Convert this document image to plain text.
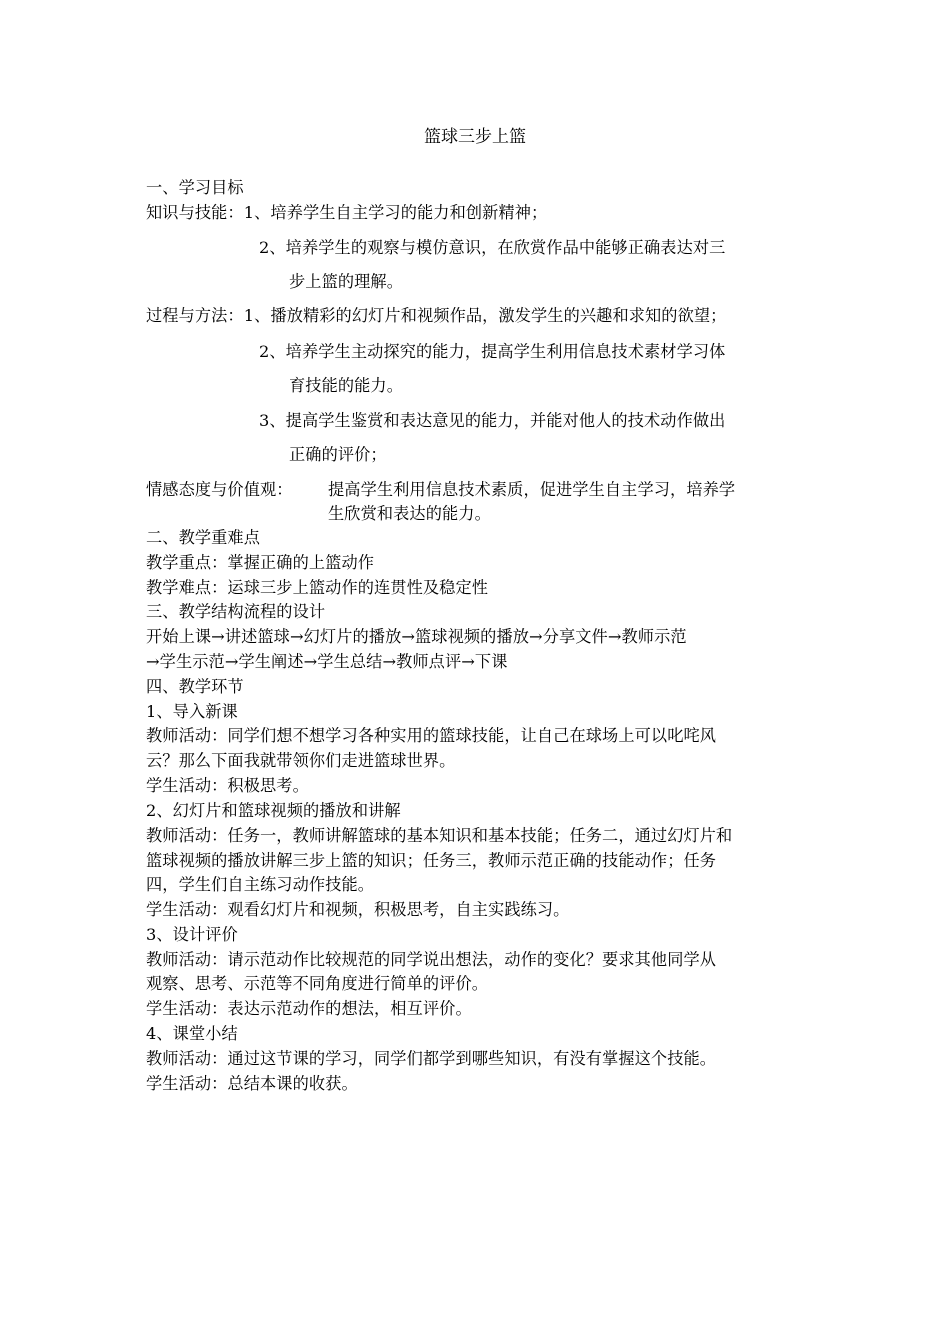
篮球三步上篮
一、学习目标
知识与技能：1、培养学生自主学习的能力和创新精神；
2、培养学生的观察与模仿意识，在欣赏作品中能够正确表达对三
步上篮的理解。
过程与方法：1、播放精彩的幻灯片和视频作品，激发学生的兴趣和求知的欲望；
2、培养学生主动探究的能力，提高学生利用信息技术素材学习体
育技能的能力。
3、提高学生鉴赏和表达意见的能力，并能对他人的技术动作做出
正确的评价；
情感态度与价值观： 提高学生利用信息技术素质，促进学生自主学习，培养学
生欣赏和表达的能力。
二、教学重难点
教学重点：掌握正确的上篮动作
教学难点：运球三步上篮动作的连贯性及稳定性
三、教学结构流程的设计
开始上课→讲述篮球→幻灯片的播放→篮球视频的播放→分享文件→教师示范
→学生示范→学生阐述→学生总结→教师点评→下课
四、教学环节
1、导入新课
教师活动：同学们想不想学习各种实用的篮球技能，让自己在球场上可以叱咤风
云？那么下面我就带领你们走进篮球世界。
学生活动：积极思考。
2、幻灯片和篮球视频的播放和讲解
教师活动：任务一，教师讲解篮球的基本知识和基本技能；任务二，通过幻灯片和
篮球视频的播放讲解三步上篮的知识；任务三，教师示范正确的技能动作；任务
四，学生们自主练习动作技能。
学生活动：观看幻灯片和视频，积极思考，自主实践练习。
3、设计评价
教师活动：请示范动作比较规范的同学说出想法，动作的变化？要求其他同学从
观察、思考、示范等不同角度进行简单的评价。
学生活动：表达示范动作的想法，相互评价。
4、课堂小结
教师活动：通过这节课的学习，同学们都学到哪些知识，有没有掌握这个技能。
学生活动：总结本课的收获。
